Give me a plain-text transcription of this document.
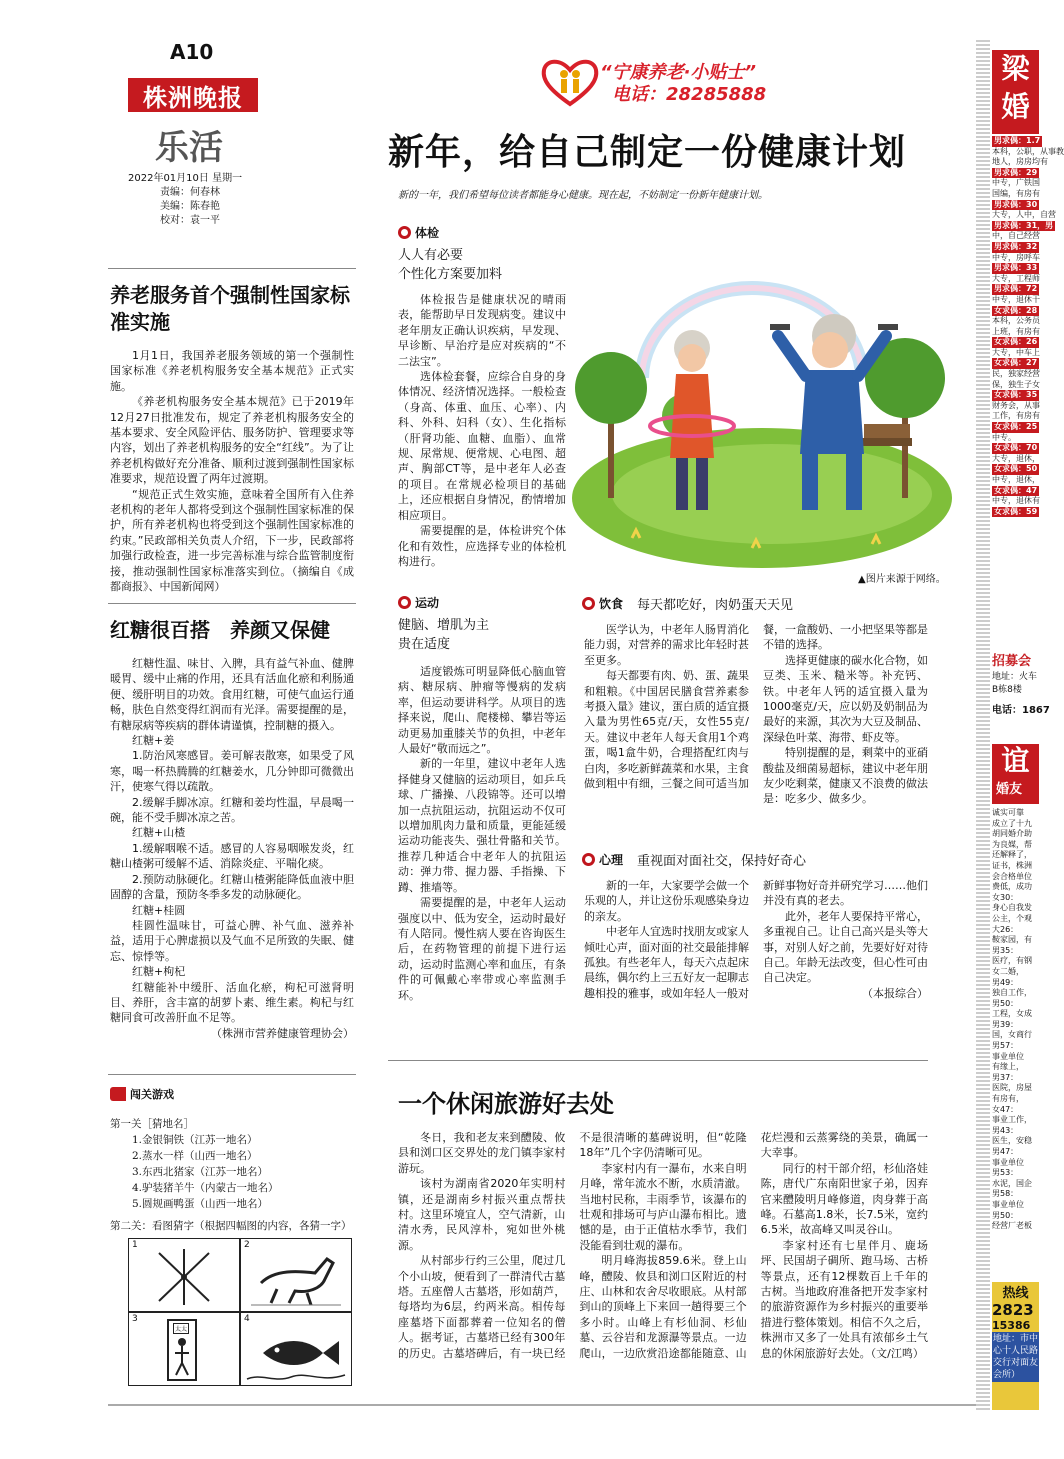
A10
株洲晚报
乐活
2022年01月10日 星期一
责编：何春林
美编：陈春艳
校对：袁一平
“宁康养老·小贴士”
电话：28285888
新年，给自己制定一份健康计划
新的一年，我们希望每位读者都能身心健康。现在起，不妨制定一份新年健康计划。
养老服务首个强制性国家标准实施

1月1日，我国养老服务领域的第一个强制性国家标准《养老机构服务安全基本规范》正式实施。

《养老机构服务安全基本规范》已于2019年12月27日批准发布，规定了养老机构服务安全的基本要求、安全风险评估、服务防护、管理要求等内容，划出了养老机构服务的安全“红线”。为了让养老机构做好充分准备、顺利过渡到强制性国家标准要求，规范设置了两年过渡期。

“规范正式生效实施，意味着全国所有入住养老机构的老年人都将受到这个强制性国家标准的保护，所有养老机构也将受到这个强制性国家标准的约束。”民政部相关负责人介绍，下一步，民政部将加强行政检查，进一步完善标准与综合监管制度衔接，推动强制性国家标准落实到位。（摘编自《成都商报》、中国新闻网）

红糖很百搭　养颜又保健

红糖性温、味甘、入脾，具有益气补血、健脾暖胃、缓中止痛的作用，还具有活血化瘀和利肠通便、缓肝明目的功效。食用红糖，可使气血运行通畅，肤色自然变得红润而有光泽。需要提醒的是，有糖尿病等疾病的群体请谨慎，控制糖的摄入。

红糖+姜

1.防治风寒感冒。姜可解表散寒，如果受了风寒，喝一杯热腾腾的红糖姜水，几分钟即可微微出汗，使寒气得以疏散。

2.缓解手脚冰凉。红糖和姜均性温，早晨喝一碗，能不受手脚冰凉之苦。

红糖+山楂

1.缓解咽喉不适。感冒的人容易咽喉发炎，红糖山楂粥可缓解不适、消除炎症、平喘化痰。

2.预防动脉硬化。红糖山楂粥能降低血液中胆固醇的含量，预防冬季多发的动脉硬化。

红糖+桂圆

桂圆性温味甘，可益心脾、补气血、滋养补益，适用于心脾虚损以及气血不足所致的失眠、健忘、惊悸等。

红糖+枸杞

红糖能补中缓肝、活血化瘀，枸杞可滋肾明目、养肝，含丰富的胡萝卜素、维生素。枸杞与红糖同食可改善肝血不足等。

（株洲市营养健康管理协会）

闯关游戏
第一关［猜地名］
1.金银铜铁（江苏一地名）
2.蒸水一样（山西一地名）
3.东西北猪家（江苏一地名）
4.驴装猪羊牛（内蒙古一地名）
5.圆规画鸭蛋（山西一地名）
第二关：看图猜字（根据四幅图的内容，各猜一字）
1	2
3
太太
4
体检
人人有必要
个性化方案要加料

体检报告是健康状况的晴雨表，能帮助早日发现病变。建议中老年朋友正确认识疾病，早发现、早诊断、早治疗是应对疾病的“不二法宝”。

选体检套餐，应综合自身的身体情况、经济情况选择。一般检查（身高、体重、血压、心率）、内科、外科、妇科（女）、生化指标（肝肾功能、血糖、血脂）、血常规、尿常规、便常规、心电图、超声、胸部CT等，是中老年人必查的项目。在常规必检项目的基础上，还应根据自身情况，酌情增加相应项目。

需要提醒的是，体检讲究个体化和有效性，应选择专业的体检机构进行。

▲图片来源于网络。
运动
健脑、增肌为主
贵在适度

适度锻炼可明显降低心脑血管病、糖尿病、肿瘤等慢病的发病率，但运动要讲科学。从项目的选择来说，爬山、爬楼梯、攀岩等运动更易加重膝关节的负担，中老年人最好“敬而远之”。

新的一年里，建议中老年人选择健身又健脑的运动项目，如乒乓球、广播操、八段锦等。还可以增加一点抗阻运动，抗阻运动不仅可以增加肌肉力量和质量，更能延缓运动功能丧失、强壮骨骼和关节。推荐几种适合中老年人的抗阻运动：弹力带、握力器、手指操、下蹲、推墙等。

需要提醒的是，中老年人运动强度以中、低为安全，运动时最好有人陪同。慢性病人要在咨询医生后，在药物管理的前提下进行运动，运动时监测心率和血压，有条件的可佩戴心率带或心率监测手环。

饮食 每天都吃好，肉奶蛋天天见

医学认为，中老年人肠胃消化能力弱，对营养的需求比年轻时甚至更多。

每天都要有肉、奶、蛋、蔬果和粗粮。《中国居民膳食营养素参考摄入量》建议，蛋白质的适宜摄入量为男性65克/天，女性55克/天。建议中老年人每天食用1个鸡蛋，喝1盒牛奶，合理搭配红肉与白肉，多吃新鲜蔬菜和水果，主食做到粗中有细，三餐之间可适当加餐，一盒酸奶、一小把坚果等都是不错的选择。

选择更健康的碳水化合物，如豆类、玉米、糙米等。补充钙、铁。中老年人钙的适宜摄入量为1000毫克/天，应以奶及奶制品为最好的来源，其次为大豆及制品、深绿色叶菜、海带、虾皮等。

特别提醒的是，剩菜中的亚硝酸盐及细菌易超标，建议中老年朋友少吃剩菜，健康又不浪费的做法是：吃多少、做多少。

心理 重视面对面社交，保持好奇心

新的一年，大家要学会做一个乐观的人，并让这份乐观感染身边的亲友。

中老年人宜选时找朋友或家人倾吐心声，面对面的社交最能排解孤独。有些老年人，每天六点起床晨练，偶尔约上三五好友一起聊志趣相投的雅事，或如年轻人一般对新鲜事物好奇并研究学习……他们并没有真的老去。

此外，老年人要保持平常心，多重视自己。让自己高兴是头等大事，对别人好之前，先要好好对待自己。年龄无法改变，但心性可由自己决定。

（本报综合）

一个休闲旅游好去处

冬日，我和老友来到醴陵、攸县和浏口区交界处的龙门镇李家村游玩。

该村为湖南省2020年实明村镇，还是湖南乡村振兴重点帮扶村。这里环境宜人，空气清新，山清水秀，民风淳朴，宛如世外桃源。

从村部步行约三公里，爬过几个小山坡，便看到了一群清代古墓塔。五座僧人古墓塔，形如葫芦，每塔均为6层，约两米高。相传每座墓塔下面都葬着一位知名的僧人。据考证，古墓塔已经有300年的历史。古墓塔碑后，有一块已经不是很清晰的墓碑说明，但“乾隆18年”几个字仍清晰可见。

李家村内有一瀑布，水来自明月峰，常年流水不断，水质清澈。当地村民称，丰雨季节，该瀑布的壮观和排场可与庐山瀑布相比。遗憾的是，由于正值枯水季节，我们没能看到壮观的瀑布。

明月峰海拔859.6米。登上山峰，醴陵、攸县和浏口区附近的村庄、山林和农舍尽收眼底。从村部到山的顶峰上下来回一趟得要三个多小时。山峰上有杉仙洞、杉仙墓、云谷岩和龙源瀑等景点。一边爬山，一边欣赏沿途都能随意、山花烂漫和云蒸雾绕的美景，确属一大幸事。

同行的村干部介绍，杉仙洛娃陈，唐代广东南阳世家子弟，因弃官来醴陵明月峰修道，肉身葬于高峰。石墓高1.8米，长7.5米，宽约6.5米，故高峰又叫灵谷山。

李家村还有七星伴月、鹿场坪、民国胡子碉所、跑马场、古桥等景点，还有12棵数百上千年的古树。当地政府准备把开发李家村的旅游资源作为乡村振兴的重要举措进行整体策划。相信不久之后，株洲市又多了一处具有浓郁乡土气息的休闲旅游好去处。（文/江鸣）

梁婚
男求偶：1.7

本科，公职，从事教
地人，房房均有
男求偶：29

中专，广铁国
国编，有房有
男求偶：30

大专，人中，自营
男求偶：31，男

中，自己经营
男求偶：32

中专，房呼车
男求偶：33

大专，工程师
男求偶：72

中专，退休干
女求偶：28

本科，公务员
上班，有房有
女求偶：26

大专，中车上
女求偶：27

民，独家经营
保，独生子女
女求偶：35

财务会，从事
工作，有房有
女求偶：25

中专。
女求偶：70

大专，退休，
女求偶：50

中专，退休，
女求偶：47

中专，退休有
女求偶：59

招募会
地址：火车
B栋8楼
电话：1867
谊
婚友
诚实可靠
成立了十九
胡同婚介助
为良媒，帮
还解释了，
证书，株洲
会合格单位
费低，成功
女30：
身心自我发
公主，个观
大26：
鞍家园，有
男35：
医疗，有钢
女二婚，
男49：
独自工作，
男50：
工程，女成
男39：
国，女商行
男57：
事业单位
有缘上，
男37：
医院，房屋
有房有，
女47：
事业工作，
男43：
医生，安稳
男47：
事业单位
男53：
水泥，国企
男58：
事业单位
男50：
经营厂老板
热线
2823
15386
地址：市中心十人民路交行对面友会所）
